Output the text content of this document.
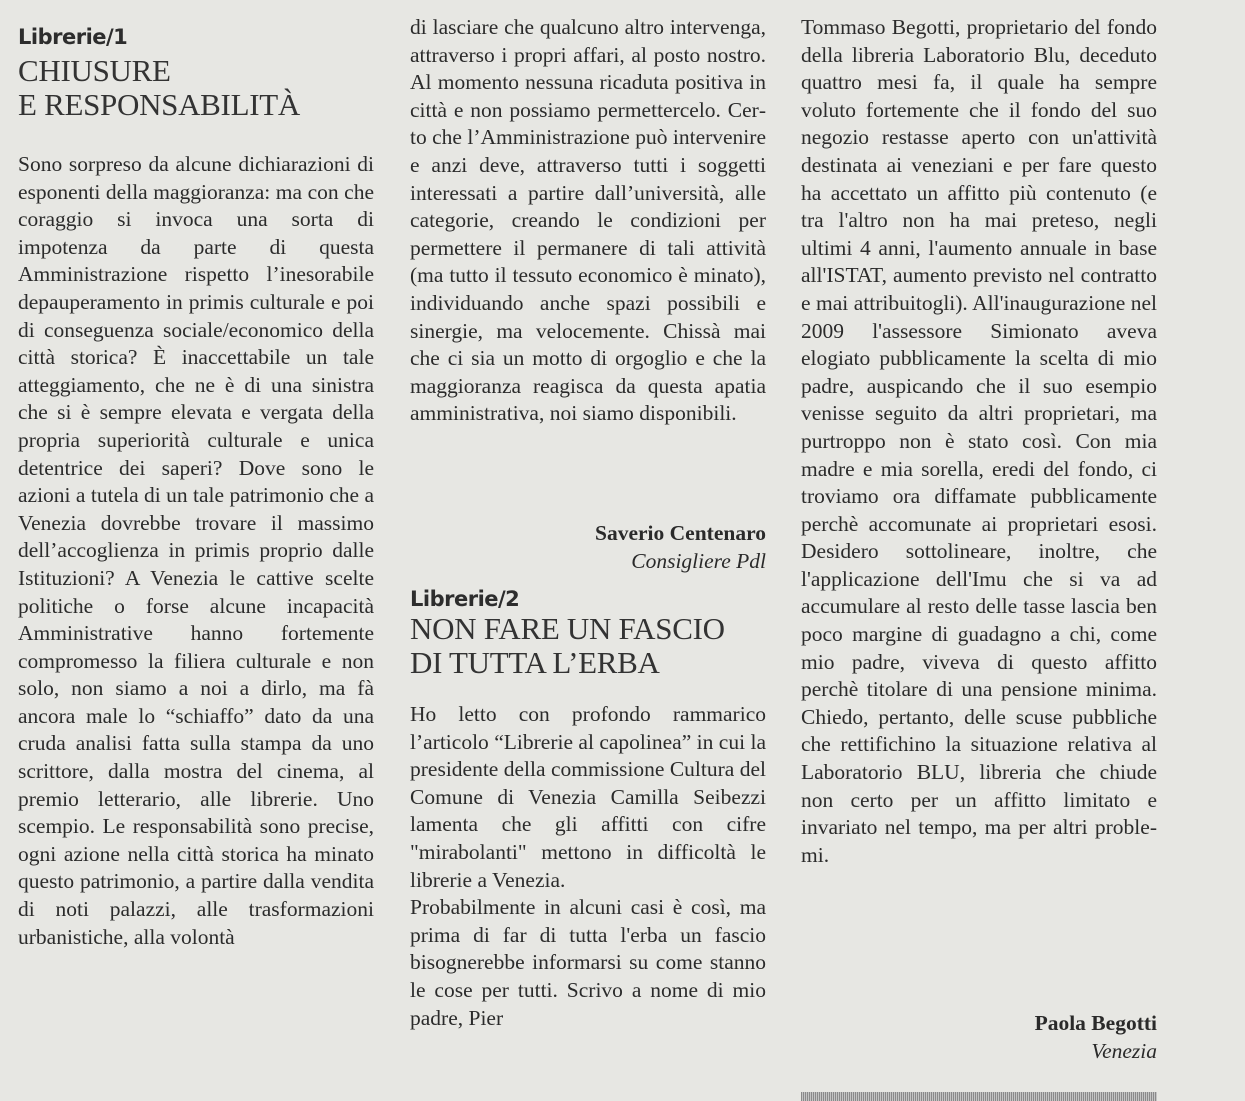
Librerie/1
CHIUSURE
E RESPONSABILITÀ

Sono sorpreso da alcune dichiarazioni di esponenti della maggioranza: ma con che coraggio si invoca una sorta di impotenza da parte di questa Amministrazione rispetto l’inesorabile depauperamento in primis culturale e poi di conseguenza sociale/economico della città storica? È inaccettabile un tale atteggiamento, che ne è di una sinistra che si è sempre elevata e vergata della propria superiorità culturale e unica detentrice dei saperi? Dove sono le azioni a tutela di un tale patrimonio che a Venezia dovrebbe trovare il massimo dell’accoglienza in primis proprio dalle Istituzioni? A Venezia le cattive scelte politiche o forse alcune incapacità Amministrative hanno fortemente compromesso la filiera culturale e non solo, non siamo a noi a dirlo, ma fà ancora male lo “schiaffo” dato da una cruda analisi fatta sulla stampa da uno scrittore, dalla mostra del cinema, al premio letterario, alle librerie. Uno scempio. Le responsabilità sono precise, ogni azione nella città storica ha minato questo patrimonio, a partire dalla vendita di noti palazzi, alle trasformazioni urbanistiche, alla volontà

di lasciare che qualcuno altro intervenga, attraverso i propri affari, al posto nostro. Al momento nessuna ricaduta positiva in città e non possiamo permettercelo. Certo che l’Amministrazione può intervenire e anzi deve, attraverso tutti i soggetti interessati a partire dall’università, alle categorie, creando le condizioni per permettere il permanere di tali attività (ma tutto il tessuto economico è minato), individuando anche spazi possibili e sinergie, ma velocemente. Chissà mai che ci sia un motto di orgoglio e che la maggioranza reagisca da questa apatia amministrativa, noi siamo disponibili.

Saverio Centenaro
Consigliere Pdl
Librerie/2
NON FARE UN FASCIO
DI TUTTA L’ERBA

Ho letto con profondo rammarico l’articolo “Librerie al capolinea” in cui la presidente della commissione Cultura del Comune di Venezia Camilla Seibezzi lamenta che gli affitti con cifre "mirabolanti" mettono in difficoltà le librerie a Venezia.

Probabilmente in alcuni casi è così, ma prima di far di tutta l'erba un fascio bisognerebbe informarsi su come stanno le cose per tutti. Scrivo a nome di mio padre, Pier

Tommaso Begotti, proprietario del fondo della libreria Laboratorio Blu, deceduto quattro mesi fa, il quale ha sempre voluto fortemente che il fondo del suo negozio restasse aperto con un'attività destinata ai veneziani e per fare questo ha accettato un affitto più contenuto (e tra l'altro non ha mai preteso, negli ultimi 4 anni, l'aumento annuale in base all'ISTAT, aumento previsto nel contratto e mai attribuitogli). All'inaugurazione nel 2009 l'assessore Simionato aveva elogiato pubblicamente la scelta di mio padre, auspicando che il suo esempio venisse seguito da altri proprietari, ma purtroppo non è stato così. Con mia madre e mia sorella, eredi del fondo, ci troviamo ora diffamate pubblicamente perchè accomunate ai proprietari esosi. Desidero sottolineare, inoltre, che l'applicazione dell'Imu che si va ad accumulare al resto delle tasse lascia ben poco margine di guadagno a chi, come mio padre, viveva di questo affitto perchè titolare di una pensione minima. Chiedo, pertanto, delle scuse pubbliche che rettifichino la situazione relativa al Laboratorio BLU, libreria che chiude non certo per un affitto limitato e invariato nel tempo, ma per altri problemi.

Paola Begotti
Venezia
